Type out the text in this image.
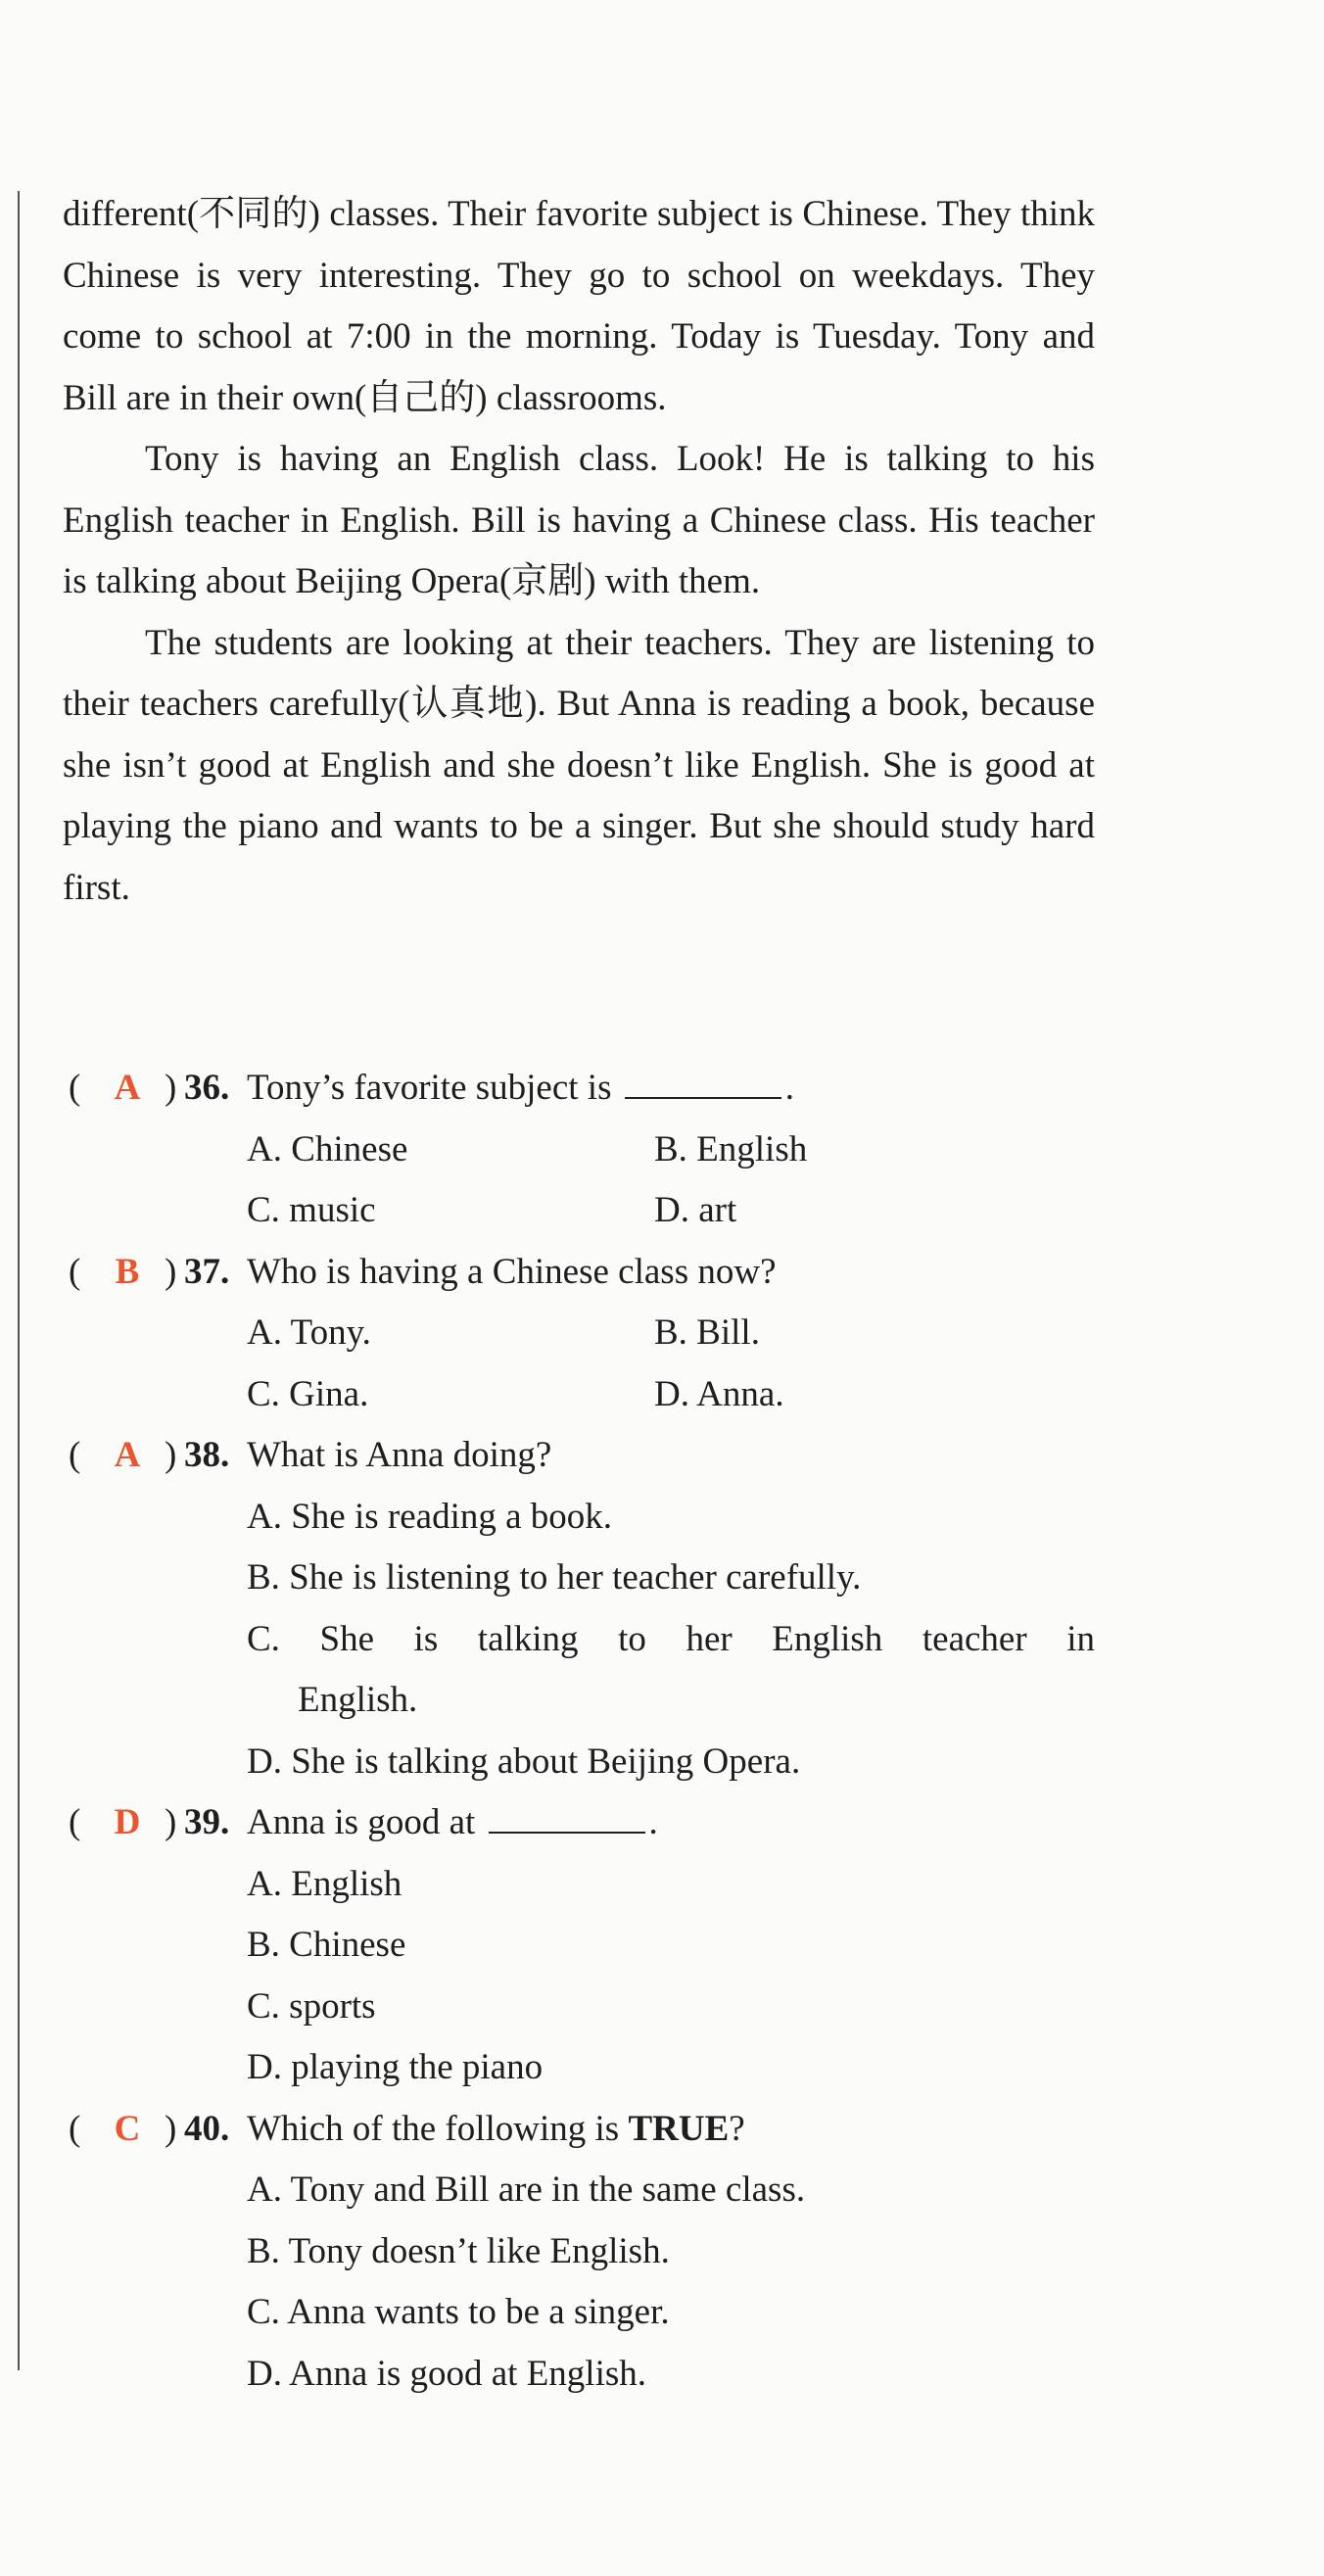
different(不同的) classes. Their favorite subject is Chinese. They think Chinese is very interesting. They go to school on weekdays. They come to school at 7:00 in the morning. Today is Tuesday. Tony and Bill are in their own(自己的) classrooms.

Tony is having an English class. Look! He is talking to his English teacher in English. Bill is having a Chinese class. His teacher is talking about Beijing Opera(京剧) with them.

The students are looking at their teachers. They are listening to their teachers carefully(认真地). But Anna is reading a book, because she isn’t good at English and she doesn’t like English. She is good at playing the piano and wants to be a singer. But she should study hard first.

( A ) 36. Tony’s favorite subject is	.
A. Chinese	B. English
C. music	D. art
( B ) 37. Who is having a Chinese class now?
A. Tony.	B. Bill.
C. Gina.	D. Anna.
( A ) 38. What is Anna doing?
A. She is reading a book.
B. She is listening to her teacher carefully.
C. She is talking to her English teacher in
English.
D. She is talking about Beijing Opera.
( D ) 39. Anna is good at	.
A. English
B. Chinese
C. sports
D. playing the piano
( C ) 40. Which of the following is TRUE?
A. Tony and Bill are in the same class.
B. Tony doesn’t like English.
C. Anna wants to be a singer.
D. Anna is good at English.
